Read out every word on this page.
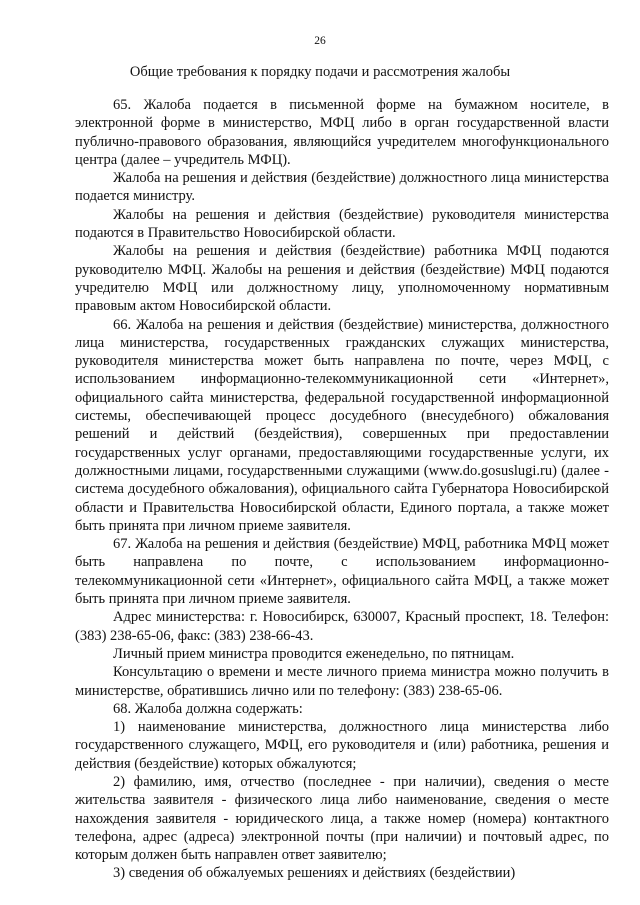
26
Общие требования к порядку подачи и рассмотрения жалобы

65. Жалоба подается в письменной форме на бумажном носителе, в электронной форме в министерство, МФЦ либо в орган государственной власти публично-правового образования, являющийся учредителем многофункционального центра (далее – учредитель МФЦ).

Жалоба на решения и действия (бездействие) должностного лица министерства подается министру.

Жалобы на решения и действия (бездействие) руководителя министерства подаются в Правительство Новосибирской области.

Жалобы на решения и действия (бездействие) работника МФЦ подаются руководителю МФЦ. Жалобы на решения и действия (бездействие) МФЦ подаются учредителю МФЦ или должностному лицу, уполномоченному нормативным правовым актом Новосибирской области.

66. Жалоба на решения и действия (бездействие) министерства, должностного лица министерства, государственных гражданских служащих министерства, руководителя министерства может быть направлена по почте, через МФЦ, с использованием информационно-телекоммуникационной сети «Интернет», официального сайта министерства, федеральной государственной информационной системы, обеспечивающей процесс досудебного (внесудебного) обжалования решений и действий (бездействия), совершенных при предоставлении государственных услуг органами, предоставляющими государственные услуги, их должностными лицами, государственными служащими (www.do.gosuslugi.ru) (далее - система досудебного обжалования), официального сайта Губернатора Новосибирской области и Правительства Новосибирской области, Единого портала, а также может быть принята при личном приеме заявителя.

67. Жалоба на решения и действия (бездействие) МФЦ, работника МФЦ может быть направлена по почте, с использованием информационно-телекоммуникационной сети «Интернет», официального сайта МФЦ, а также может быть принята при личном приеме заявителя.

Адрес министерства: г. Новосибирск, 630007, Красный проспект, 18. Телефон: (383) 238-65-06, факс: (383) 238-66-43.

Личный прием министра проводится еженедельно, по пятницам.

Консультацию о времени и месте личного приема министра можно получить в министерстве, обратившись лично или по телефону: (383) 238-65-06.

68. Жалоба должна содержать:

1) наименование министерства, должностного лица министерства либо государственного служащего, МФЦ, его руководителя и (или) работника, решения и действия (бездействие) которых обжалуются;

2) фамилию, имя, отчество (последнее - при наличии), сведения о месте жительства заявителя - физического лица либо наименование, сведения о месте нахождения заявителя - юридического лица, а также номер (номера) контактного телефона, адрес (адреса) электронной почты (при наличии) и почтовый адрес, по которым должен быть направлен ответ заявителю;

3) сведения об обжалуемых решениях и действиях (бездействии)
